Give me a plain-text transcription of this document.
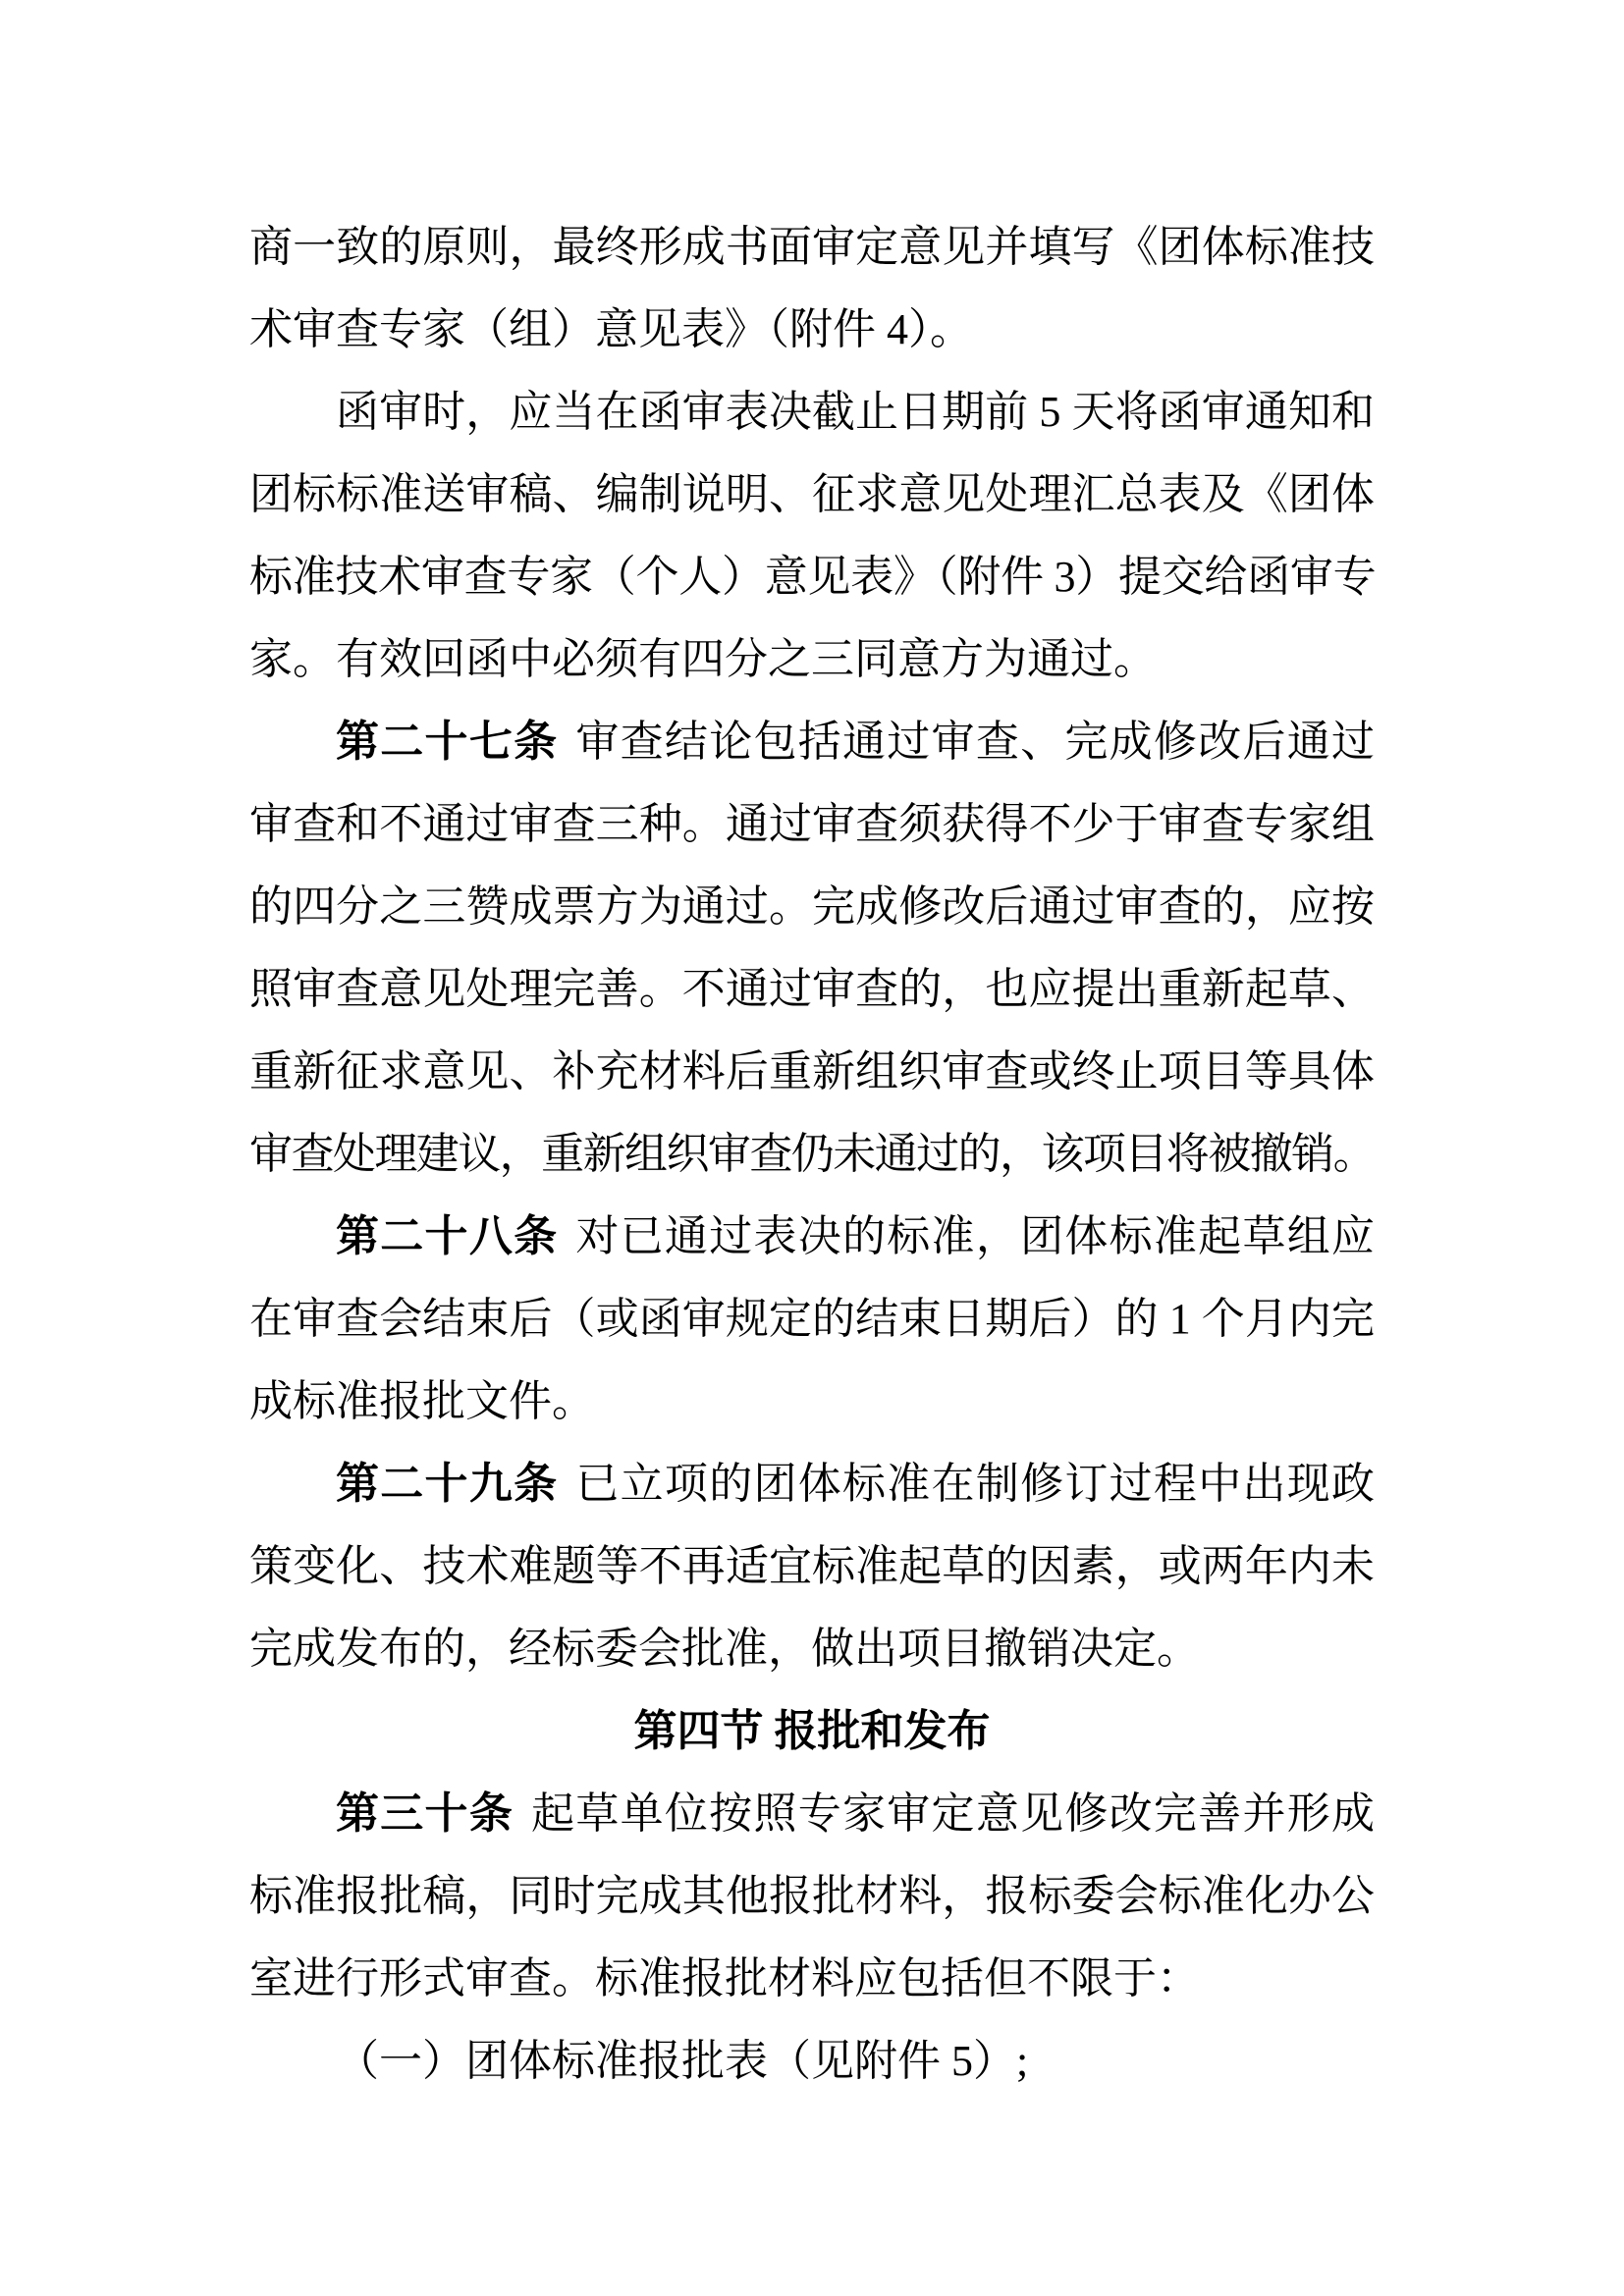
商一致的原则，最终形成书面审定意见并填写《团体标准技
术审查专家（组）意见表》（附件 4）。
函审时，应当在函审表决截止日期前 5 天将函审通知和
团标标准送审稿、编制说明、征求意见处理汇总表及《团体
标准技术审查专家（个人）意见表》（附件 3）提交给函审专
家。有效回函中必须有四分之三同意方为通过。
第二十七条 审查结论包括通过审查、完成修改后通过
审查和不通过审查三种。通过审查须获得不少于审查专家组
的四分之三赞成票方为通过。完成修改后通过审查的，应按
照审查意见处理完善。不通过审查的，也应提出重新起草、
重新征求意见、补充材料后重新组织审查或终止项目等具体
审查处理建议，重新组织审查仍未通过的，该项目将被撤销。
第二十八条 对已通过表决的标准，团体标准起草组应
在审查会结束后（或函审规定的结束日期后）的 1 个月内完
成标准报批文件。
第二十九条 已立项的团体标准在制修订过程中出现政
策变化、技术难题等不再适宜标准起草的因素，或两年内未
完成发布的，经标委会批准，做出项目撤销决定。
第四节 报批和发布
第三十条 起草单位按照专家审定意见修改完善并形成
标准报批稿，同时完成其他报批材料，报标委会标准化办公
室进行形式审查。标准报批材料应包括但不限于：
（一）团体标准报批表（见附件 5）;
